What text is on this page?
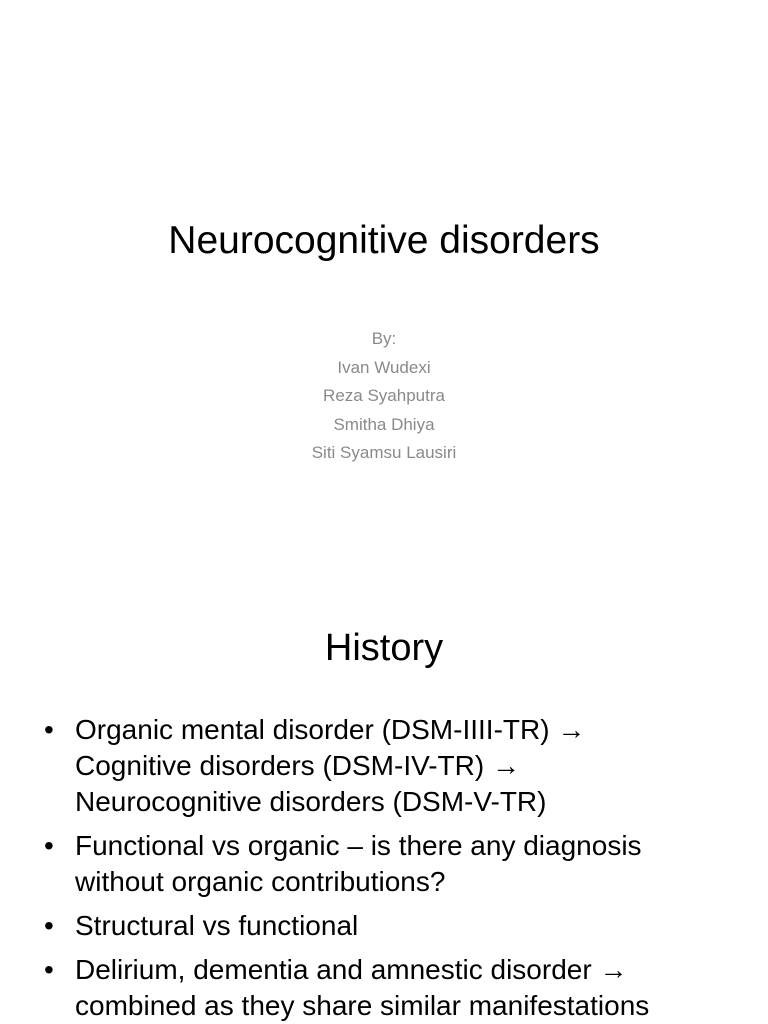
Neurocognitive disorders
By:
Ivan Wudexi
Reza Syahputra
Smitha Dhiya
Siti Syamsu Lausiri
History
• Organic mental disorder (DSM-IIII-TR) →
Cognitive disorders (DSM-IV-TR) →
Neurocognitive disorders (DSM-V-TR)
• Functional vs organic – is there any diagnosis
without organic contributions?
• Structural vs functional
• Delirium, dementia and amnestic disorder →
combined as they share similar manifestations
